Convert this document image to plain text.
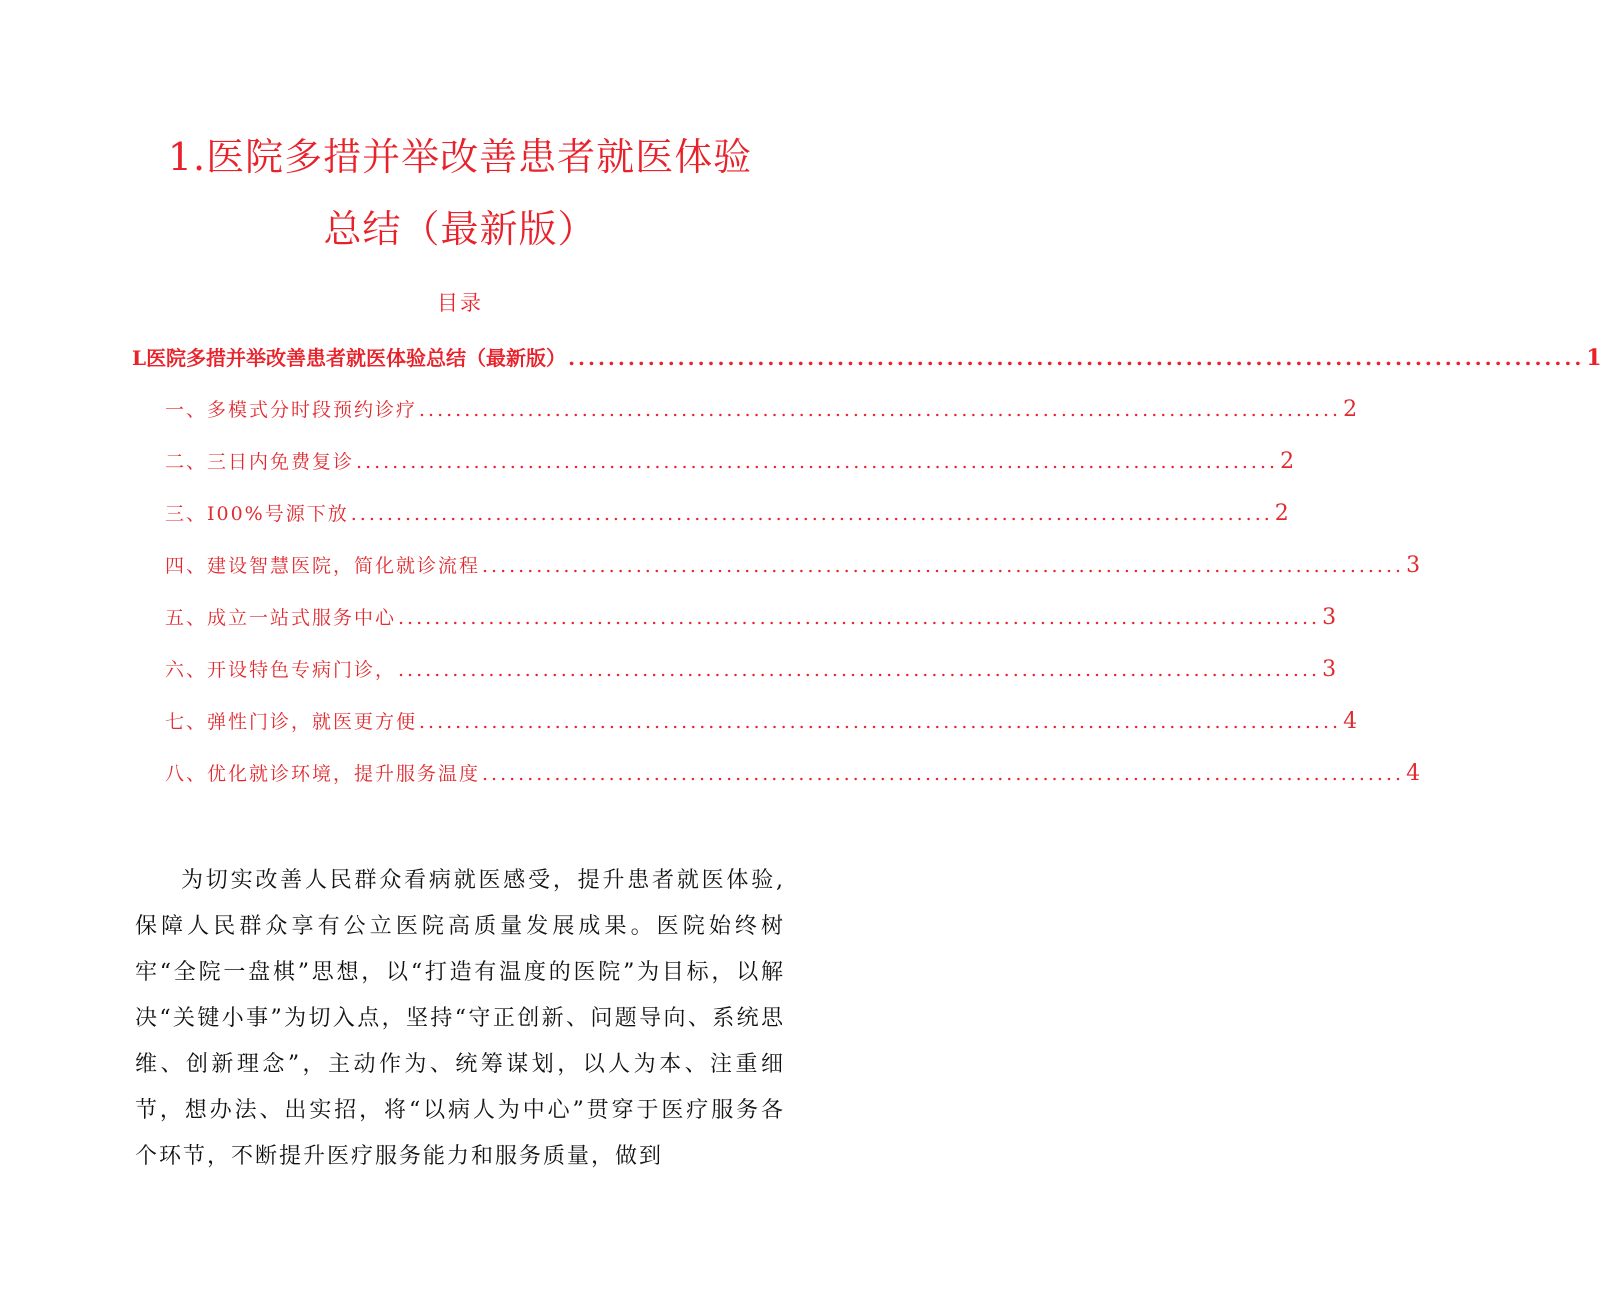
1.医院多措并举改善患者就医体验
总结（最新版）
目录
L医院多措并举改善患者就医体验总结（最新版） ...................................................................................................... 1
一、多模式分时段预约诊疗 ...................................................................................................... 2
二、三日内免费复诊 ...................................................................................................... 2
三、I00%号源下放 ...................................................................................................... 2
四、建设智慧医院，简化就诊流程 ...................................................................................................... 3
五、成立一站式服务中心 ...................................................................................................... 3
六、开设特色专病门诊， ...................................................................................................... 3
七、弹性门诊，就医更方便 ...................................................................................................... 4
八、优化就诊环境，提升服务温度 ...................................................................................................... 4

为切实改善人民群众看病就医感受，提升患者就医体验,保障人民群众享有公立医院高质量发展成果。医院始终树牢“全院一盘棋”思想，以“打造有温度的医院”为目标，以解决“关键小事”为切入点，坚持“守正创新、问题导向、系统思维、创新理念”，主动作为、统筹谋划，以人为本、注重细节，想办法、出实招，将“以病人为中心”贯穿于医疗服务各个环节，不断提升医疗服务能力和服务质量，做到
